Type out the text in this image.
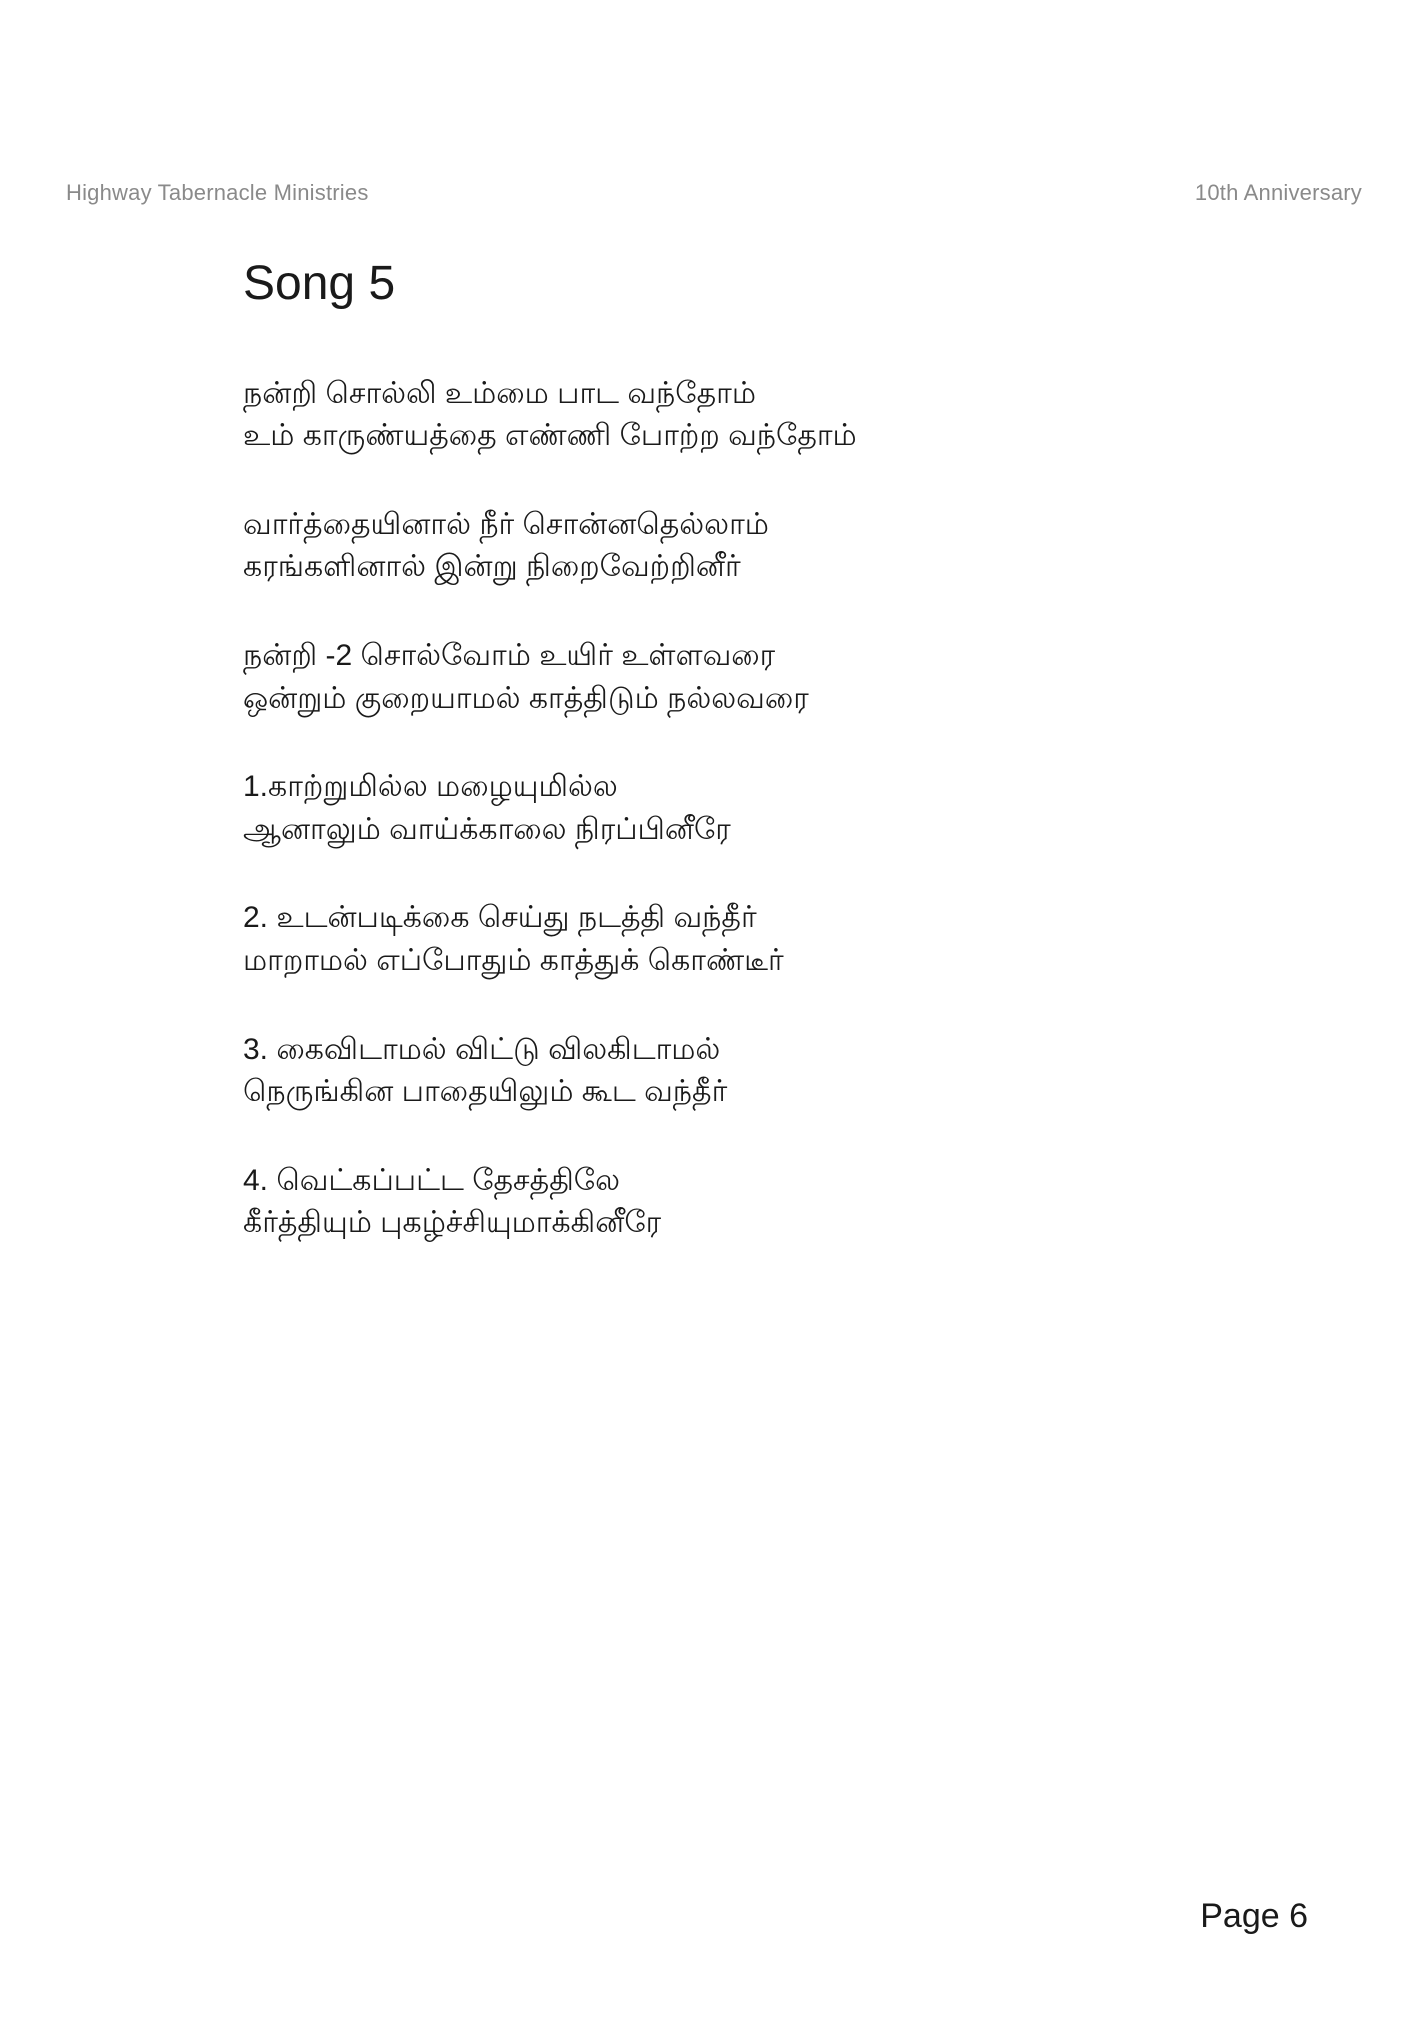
Highway Tabernacle Ministries	10th Anniversary
Song 5
நன்றி சொல்லி உம்மை பாட வந்தோம்
உம் காருண்யத்தை எண்ணி போற்ற வந்தோம்
வார்த்தையினால் நீர் சொன்னதெல்லாம்
கரங்களினால் இன்று நிறைவேற்றினீர்
நன்றி -2 சொல்வோம் உயிர் உள்ளவரை
ஒன்றும் குறையாமல் காத்திடும் நல்லவரை
1.காற்றுமில்ல மழையுமில்ல
ஆனாலும் வாய்க்காலை நிரப்பினீரே
2. உடன்படிக்கை செய்து நடத்தி வந்தீர்
மாறாமல் எப்போதும் காத்துக் கொண்டீர்
3. கைவிடாமல் விட்டு விலகிடாமல்
நெருங்கின பாதையிலும் கூட வந்தீர்
4. வெட்கப்பட்ட தேசத்திலே
கீர்த்தியும் புகழ்ச்சியுமாக்கினீரே
Page 6
